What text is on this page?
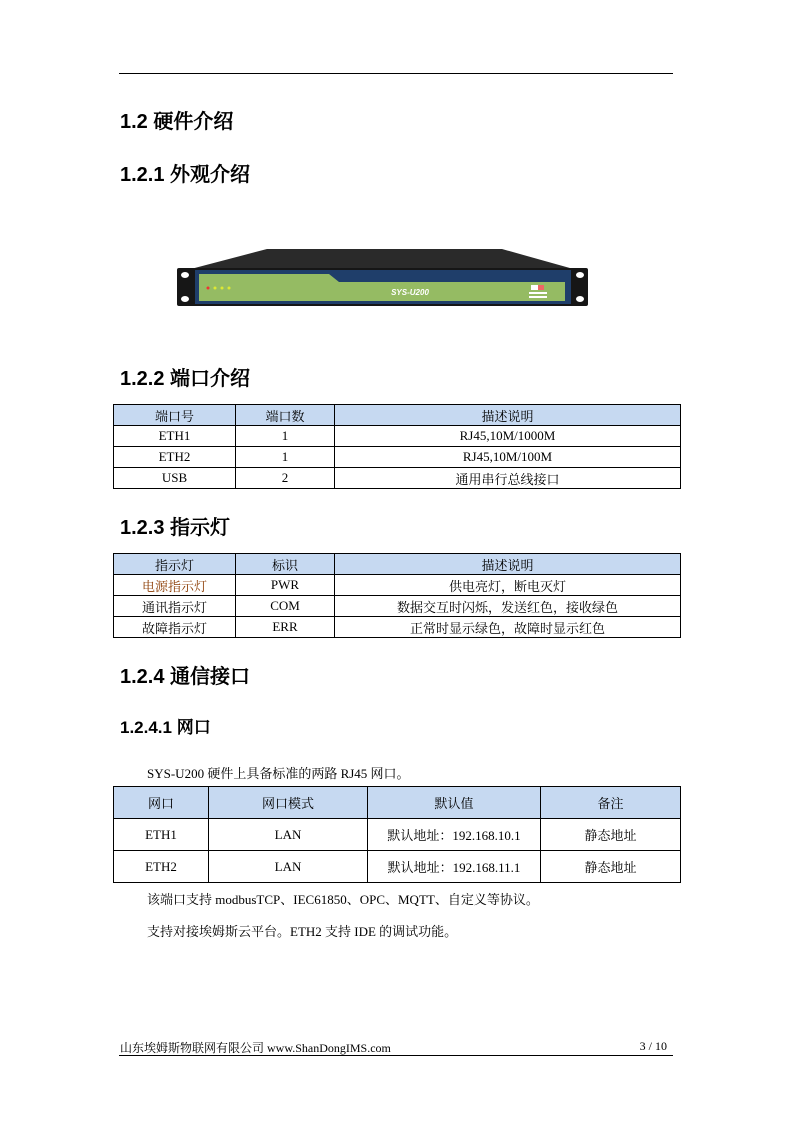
1.2 硬件介绍
1.2.1 外观介绍
SYS-U200
1.2.2 端口介绍
端口号	端口数	描述说明
ETH1	1	RJ45,10M/1000M
ETH2	1	RJ45,10M/100M
USB	2	通用串行总线接口
1.2.3 指示灯
指示灯	标识	描述说明
电源指示灯	PWR	供电亮灯，断电灭灯
通讯指示灯	COM	数据交互时闪烁，发送红色，接收绿色
故障指示灯	ERR	正常时显示绿色，故障时显示红色
1.2.4 通信接口
1.2.4.1 网口
SYS-U200 硬件上具备标准的两路 RJ45 网口。
网口	网口模式	默认值	备注
ETH1	LAN	默认地址：192.168.10.1	静态地址
ETH2	LAN	默认地址：192.168.11.1	静态地址
该端口支持 modbusTCP、IEC61850、OPC、MQTT、自定义等协议。
支持对接埃姆斯云平台。ETH2 支持 IDE 的调试功能。
山东埃姆斯物联网有限公司 www.ShanDongIMS.com	3 / 10
